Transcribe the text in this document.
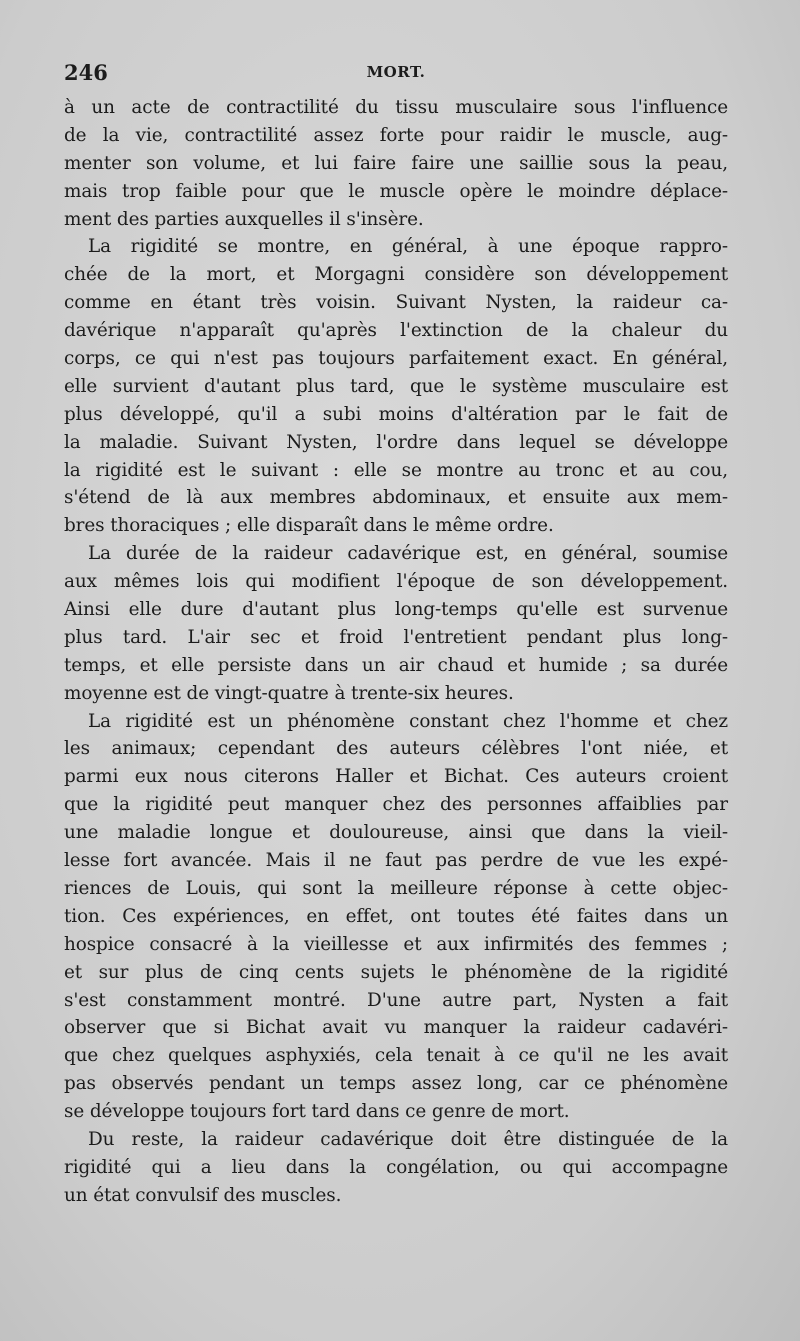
246	MORT.
à un acte de contractilité du tissu musculaire sous l'influence
de la vie, contractilité assez forte pour raidir le muscle, aug-
menter son volume, et lui faire faire une saillie sous la peau,
mais trop faible pour que le muscle opère le moindre déplace-
ment des parties auxquelles il s'insère.
La rigidité se montre, en général, à une époque rappro-
chée de la mort, et Morgagni considère son développement
comme en étant très voisin. Suivant Nysten, la raideur ca-
davérique n'apparaît qu'après l'extinction de la chaleur du
corps, ce qui n'est pas toujours parfaitement exact. En général,
elle survient d'autant plus tard, que le système musculaire est
plus développé, qu'il a subi moins d'altération par le fait de
la maladie. Suivant Nysten, l'ordre dans lequel se développe
la rigidité est le suivant : elle se montre au tronc et au cou,
s'étend de là aux membres abdominaux, et ensuite aux mem-
bres thoraciques ; elle disparaît dans le même ordre.
La durée de la raideur cadavérique est, en général, soumise
aux mêmes lois qui modifient l'époque de son développement.
Ainsi elle dure d'autant plus long-temps qu'elle est survenue
plus tard. L'air sec et froid l'entretient pendant plus long-
temps, et elle persiste dans un air chaud et humide ; sa durée
moyenne est de vingt-quatre à trente-six heures.
La rigidité est un phénomène constant chez l'homme et chez
les animaux; cependant des auteurs célèbres l'ont niée, et
parmi eux nous citerons Haller et Bichat. Ces auteurs croient
que la rigidité peut manquer chez des personnes affaiblies par
une maladie longue et douloureuse, ainsi que dans la vieil-
lesse fort avancée. Mais il ne faut pas perdre de vue les expé-
riences de Louis, qui sont la meilleure réponse à cette objec-
tion. Ces expériences, en effet, ont toutes été faites dans un
hospice consacré à la vieillesse et aux infirmités des femmes ;
et sur plus de cinq cents sujets le phénomène de la rigidité
s'est constamment montré. D'une autre part, Nysten a fait
observer que si Bichat avait vu manquer la raideur cadavéri-
que chez quelques asphyxiés, cela tenait à ce qu'il ne les avait
pas observés pendant un temps assez long, car ce phénomène
se développe toujours fort tard dans ce genre de mort.
Du reste, la raideur cadavérique doit être distinguée de la
rigidité qui a lieu dans la congélation, ou qui accompagne
un état convulsif des muscles.
